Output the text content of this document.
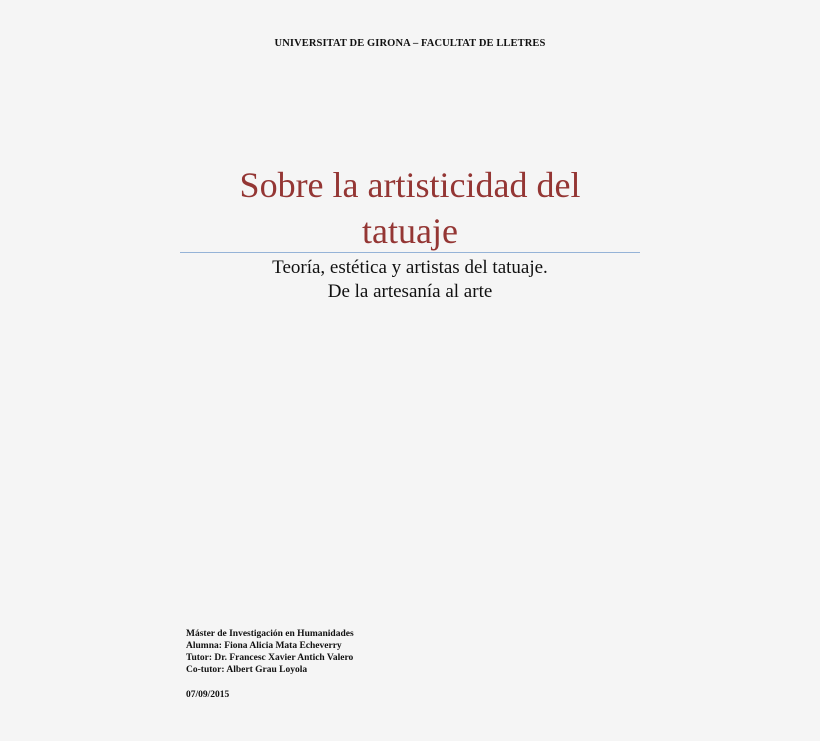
UNIVERSITAT DE GIRONA – FACULTAT DE LLETRES
Sobre la artisticidad del
tatuaje
Teoría, estética y artistas del tatuaje.
De la artesanía al arte
Máster de Investigación en Humanidades
Alumna: Fiona Alicia Mata Echeverry
Tutor: Dr. Francesc Xavier Antich Valero
Co-tutor: Albert Grau Loyola
07/09/2015
